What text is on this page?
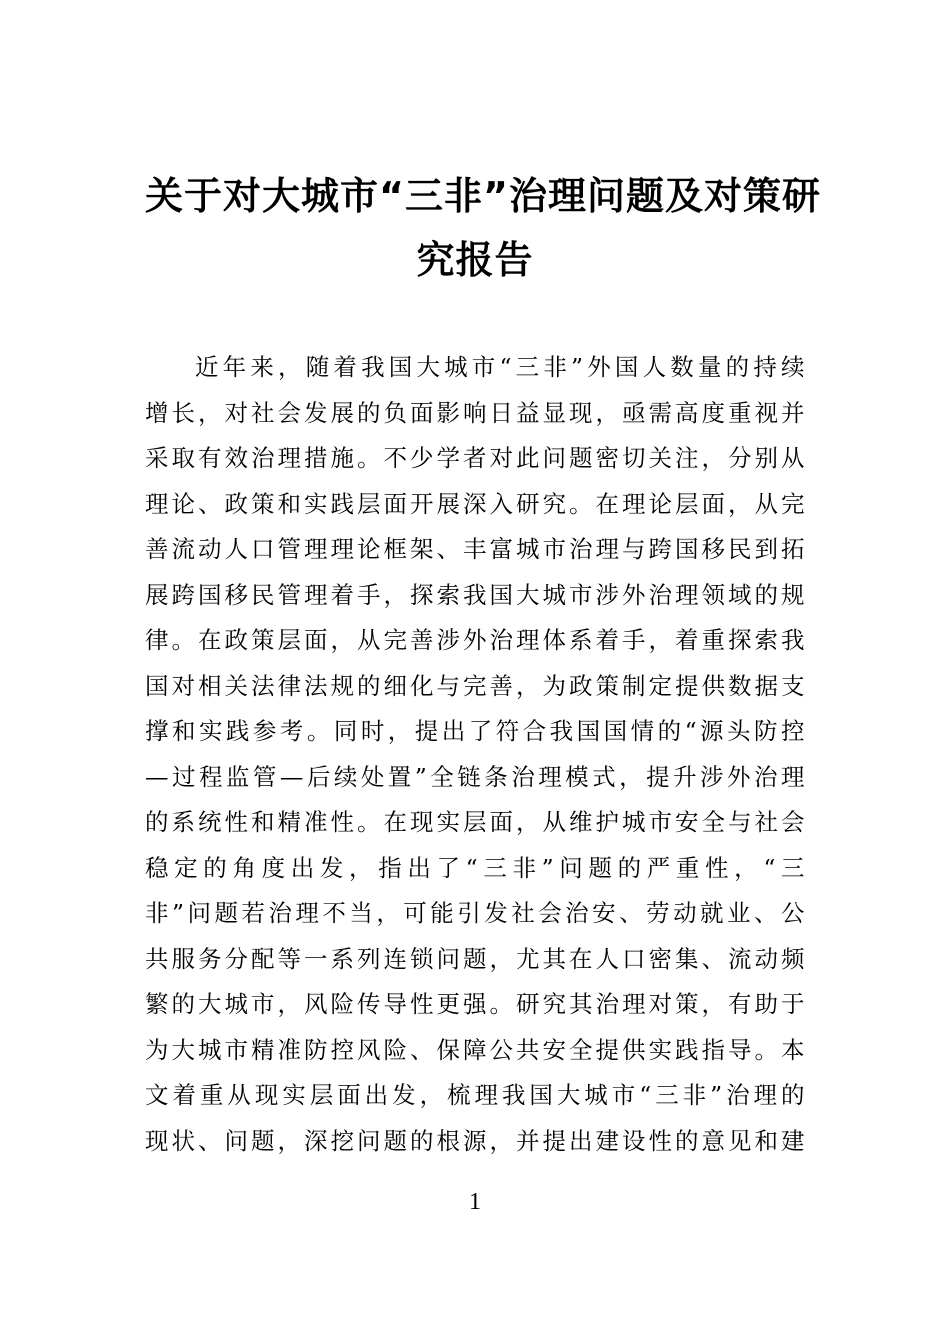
关于对大城市“三非”治理问题及对策研
究报告
近年来，随着我国大城市“三非”外国人数量的持续
增长，对社会发展的负面影响日益显现，亟需高度重视并
采取有效治理措施。不少学者对此问题密切关注，分别从
理论、政策和实践层面开展深入研究。在理论层面，从完
善流动人口管理理论框架、丰富城市治理与跨国移民到拓
展跨国移民管理着手，探索我国大城市涉外治理领域的规
律。在政策层面，从完善涉外治理体系着手，着重探索我
国对相关法律法规的细化与完善，为政策制定提供数据支
撑和实践参考。同时，提出了符合我国国情的“源头防控
—过程监管—后续处置”全链条治理模式，提升涉外治理
的系统性和精准性。在现实层面，从维护城市安全与社会
稳定的角度出发，指出了“三非”问题的严重性，“三
非”问题若治理不当，可能引发社会治安、劳动就业、公
共服务分配等一系列连锁问题，尤其在人口密集、流动频
繁的大城市，风险传导性更强。研究其治理对策，有助于
为大城市精准防控风险、保障公共安全提供实践指导。本
文着重从现实层面出发，梳理我国大城市“三非”治理的
现状、问题，深挖问题的根源，并提出建设性的意见和建
1
